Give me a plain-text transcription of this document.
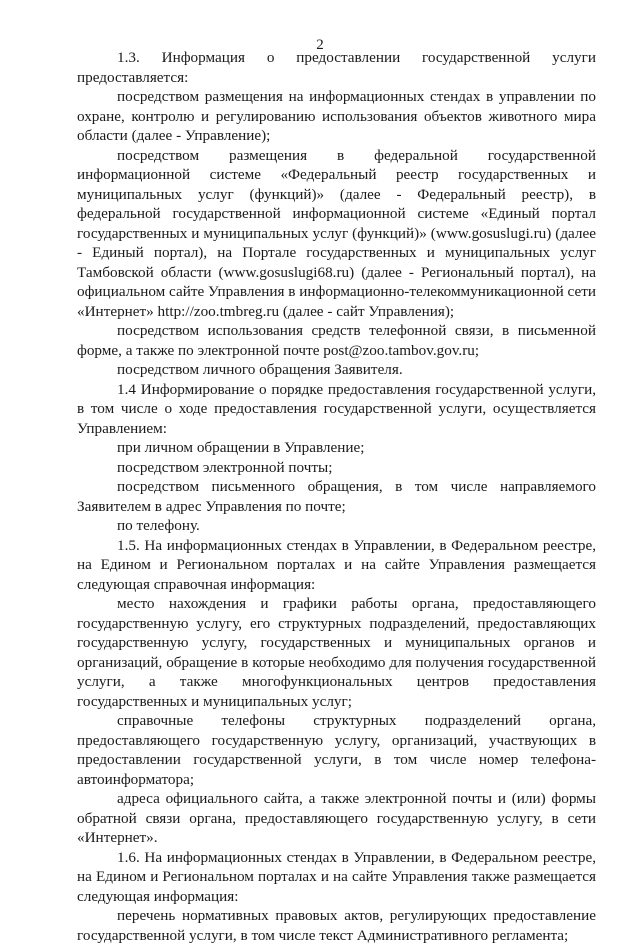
2

1.3. Информация о предоставлении государственной услуги предоставляется:

посредством размещения на информационных стендах в управлении по охране, контролю и регулированию использования объектов животного мира области (далее - Управление);

посредством размещения в федеральной государственной информационной системе «Федеральный реестр государственных и муниципальных услуг (функций)» (далее - Федеральный реестр), в федеральной государственной информационной системе «Единый портал государственных и муниципальных услуг (функций)» (www.gosuslugi.ru) (далее - Единый портал), на Портале государственных и муниципальных услуг Тамбовской области (www.gosuslugi68.ru) (далее - Региональный портал), на официальном сайте Управления в информационно-телекоммуникационной сети «Интернет» http://zoo.tmbreg.ru (далее - сайт Управления);

посредством использования средств телефонной связи, в письменной форме, а также по электронной почте post@zoo.tambov.gov.ru;

посредством личного обращения Заявителя.

1.4 Информирование о порядке предоставления государственной услуги, в том числе о ходе предоставления государственной услуги, осуществляется Управлением:

при личном обращении в Управление;

посредством электронной почты;

посредством письменного обращения, в том числе направляемого Заявителем в адрес Управления по почте;

по телефону.

1.5. На информационных стендах в Управлении, в Федеральном реестре, на Едином и Региональном порталах и на сайте Управления размещается следующая справочная информация:

место нахождения и графики работы органа, предоставляющего государственную услугу, его структурных подразделений, предоставляющих государственную услугу, государственных и муниципальных органов и организаций, обращение в которые необходимо для получения государственной услуги, а также многофункциональных центров предоставления государственных и муниципальных услуг;

справочные телефоны структурных подразделений органа, предоставляющего государственную услугу, организаций, участвующих в предоставлении государственной услуги, в том числе номер телефона-автоинформатора;

адреса официального сайта, а также электронной почты и (или) формы обратной связи органа, предоставляющего государственную услугу, в сети «Интернет».

1.6. На информационных стендах в Управлении, в Федеральном реестре, на Едином и Региональном порталах и на сайте Управления также размещается следующая информация:

перечень нормативных правовых актов, регулирующих предоставление государственной услуги, в том числе текст Административного регламента;
